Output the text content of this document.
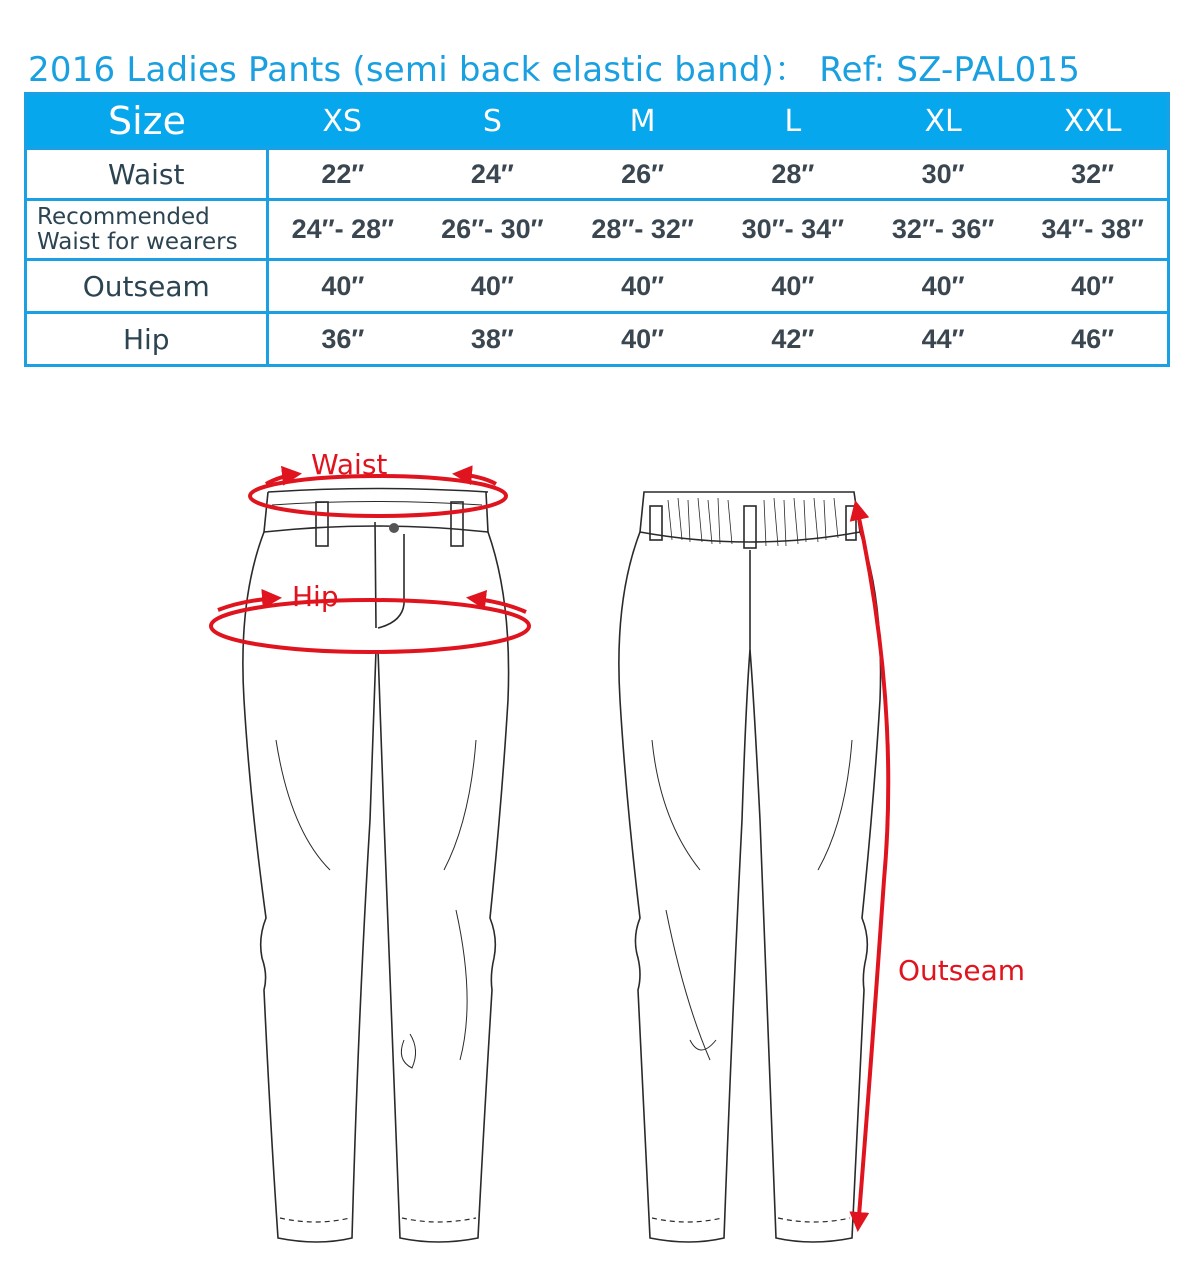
2016 Ladies Pants (semi back elastic band)： Ref: SZ-PAL015
Size	XS	S	M	L	XL	XXL
Waist	22″	24″	26″	28″	30″	32″

Recommended
Waist for wearers	24″- 28″	26″- 30″	28″- 32″	30″- 34″	32″- 36″	34″- 38″
Outseam	40″	40″	40″	40″	40″	40″
Hip	36″	38″	40″	42″	44″	46″
Waist
Hip
Outseam
